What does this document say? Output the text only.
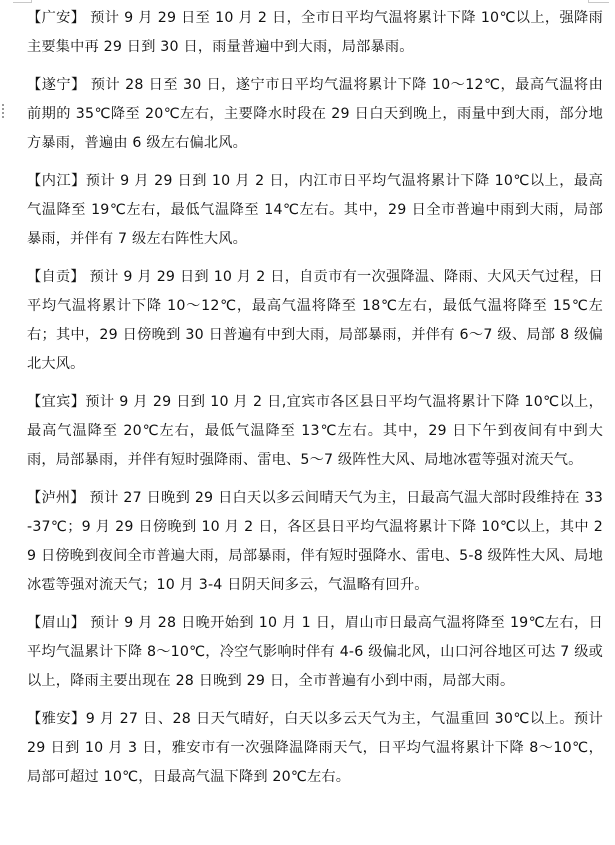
【广安】 预计 9 月 29 日至 10 月 2 日，全市日平均气温将累计下降 10℃以上，强降雨主要集中再 29 日到 30 日，雨量普遍中到大雨，局部暴雨。

【遂宁】 预计 28 日至 30 日，遂宁市日平均气温将累计下降 10～12℃，最高气温将由前期的 35℃降至 20℃左右，主要降水时段在 29 日白天到晚上，雨量中到大雨，部分地方暴雨，普遍由 6 级左右偏北风。

【内江】预计 9 月 29 日到 10 月 2 日，内江市日平均气温将累计下降 10℃以上，最高气温降至 19℃左右，最低气温降至 14℃左右。其中，29 日全市普遍中雨到大雨，局部暴雨，并伴有 7 级左右阵性大风。

【自贡】 预计 9 月 29 日到 10 月 2 日，自贡市有一次强降温、降雨、大风天气过程，日平均气温将累计下降 10～12℃，最高气温将降至 18℃左右，最低气温将降至 15℃左右；其中，29 日傍晚到 30 日普遍有中到大雨，局部暴雨，并伴有 6～7 级、局部 8 级偏北大风。

【宜宾】预计 9 月 29 日到 10 月 2 日,宜宾市各区县日平均气温将累计下降 10℃以上，最高气温降至 20℃左右，最低气温降至 13℃左右。其中，29 日下午到夜间有中到大雨，局部暴雨，并伴有短时强降雨、雷电、5～7 级阵性大风、局地冰雹等强对流天气。

【泸州】 预计 27 日晚到 29 日白天以多云间晴天气为主，日最高气温大部时段维持在 33-37℃；9 月 29 日傍晚到 10 月 2 日，各区县日平均气温将累计下降 10℃以上，其中 29 日傍晚到夜间全市普遍大雨，局部暴雨，伴有短时强降水、雷电、5-8 级阵性大风、局地冰雹等强对流天气；10 月 3-4 日阴天间多云，气温略有回升。

【眉山】 预计 9 月 28 日晚开始到 10 月 1 日，眉山市日最高气温将降至 19℃左右，日平均气温累计下降 8～10℃，冷空气影响时伴有 4-6 级偏北风，山口河谷地区可达 7 级或以上，降雨主要出现在 28 日晚到 29 日，全市普遍有小到中雨，局部大雨。

【雅安】9 月 27 日、28 日天气晴好，白天以多云天气为主，气温重回 30℃以上。预计 29 日到 10 月 3 日，雅安市有一次强降温降雨天气，日平均气温将累计下降 8～10℃，局部可超过 10℃，日最高气温下降到 20℃左右。
